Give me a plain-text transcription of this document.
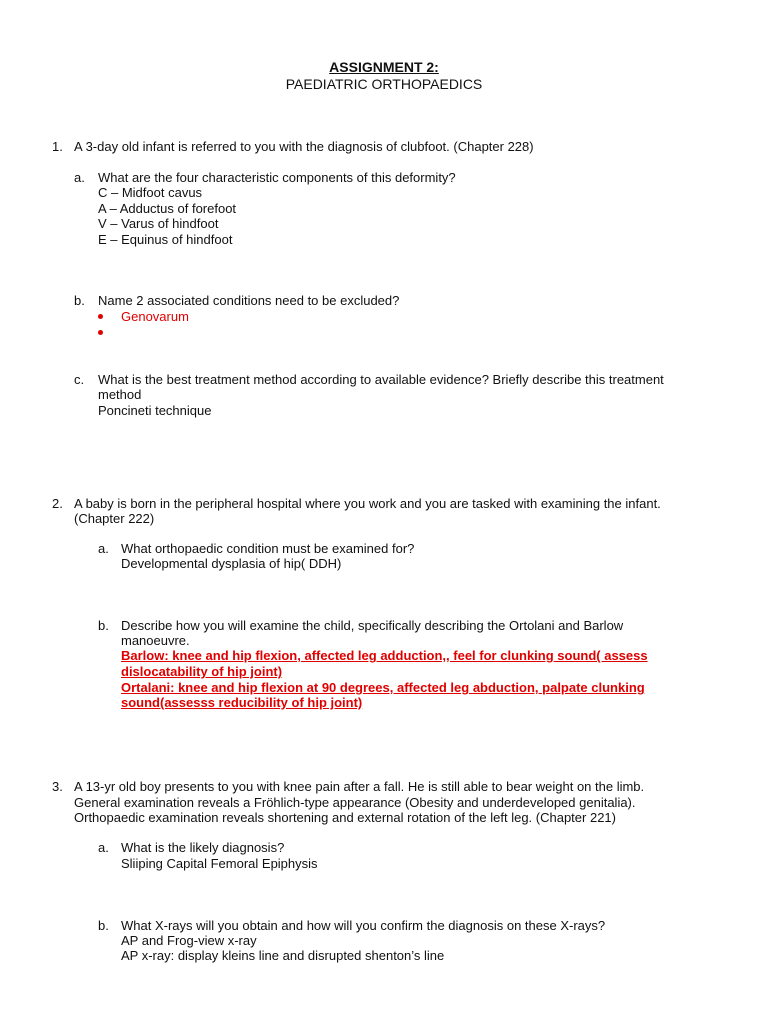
ASSIGNMENT 2:
PAEDIATRIC ORTHOPAEDICS
1. A 3-day old infant is referred to you with the diagnosis of clubfoot. (Chapter 228)
a. What are the four characteristic components of this deformity?
C – Midfoot cavus
A – Adductus of forefoot
V – Varus of hindfoot
E – Equinus of hindfoot
b. Name 2 associated conditions need to be excluded?
Genovarum
c. What is the best treatment method according to available evidence? Briefly describe this treatment
method
Poncineti technique
2. A baby is born in the peripheral hospital where you work and you are tasked with examining the infant.
(Chapter 222)
a. What orthopaedic condition must be examined for?
Developmental dysplasia of hip( DDH)
b. Describe how you will examine the child, specifically describing the Ortolani and Barlow
manoeuvre.
Barlow: knee and hip flexion, affected leg adduction,, feel for clunking sound( assess
dislocatability of hip joint)
Ortalani: knee and hip flexion at 90 degrees, affected leg abduction, palpate clunking
sound(assesss reducibility of hip joint)
3. A 13-yr old boy presents to you with knee pain after a fall. He is still able to bear weight on the limb.
General examination reveals a Fröhlich-type appearance (Obesity and underdeveloped genitalia).
Orthopaedic examination reveals shortening and external rotation of the left leg. (Chapter 221)
a. What is the likely diagnosis?
Sliiping Capital Femoral Epiphysis
b. What X-rays will you obtain and how will you confirm the diagnosis on these X-rays?
AP and Frog-view x-ray
AP x-ray: display kleins line and disrupted shenton’s line
